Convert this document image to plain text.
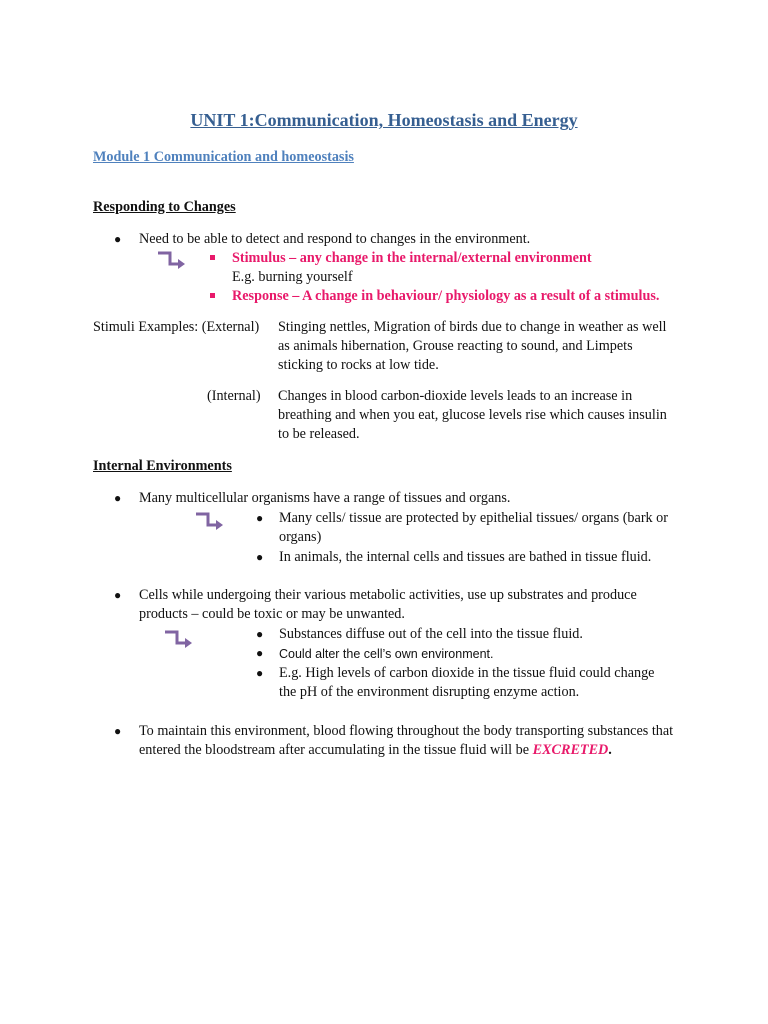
UNIT 1:Communication, Homeostasis and Energy
Module 1 Communication and homeostasis
Responding to Changes
● Need to be able to detect and respond to changes in the environment.
Stimulus – any change in the internal/external environment
E.g. burning yourself
Response – A change in behaviour/ physiology as a result of a stimulus.
Stimuli Examples: (External) Stinging nettles, Migration of birds due to change in weather as well
as animals hibernation, Grouse reacting to sound, and Limpets
sticking to rocks at low tide.
(Internal) Changes in blood carbon-dioxide levels leads to an increase in
breathing and when you eat, glucose levels rise which causes insulin
to be released.
Internal Environments
● Many multicellular organisms have a range of tissues and organs.
● Many cells/ tissue are protected by epithelial tissues/ organs (bark or
organs)
● In animals, the internal cells and tissues are bathed in tissue fluid.
● Cells while undergoing their various metabolic activities, use up substrates and produce
products – could be toxic or may be unwanted.
● Substances diffuse out of the cell into the tissue fluid.
● Could alter the cell’s own environment.
● E.g. High levels of carbon dioxide in the tissue fluid could change
the pH of the environment disrupting enzyme action.
● To maintain this environment, blood flowing throughout the body transporting substances that
entered the bloodstream after accumulating in the tissue fluid will be EXCRETED.
